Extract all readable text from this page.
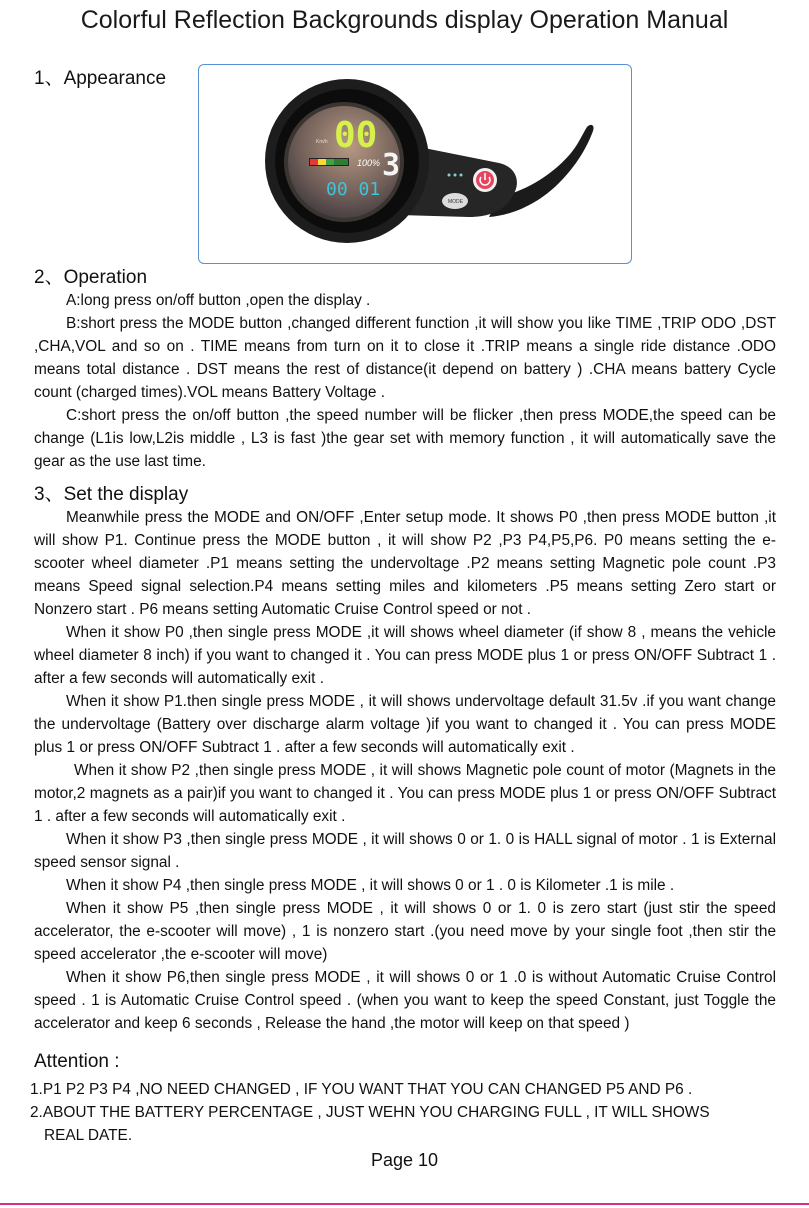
Colorful Reflection Backgrounds display Operation Manual
1、Appearance
00
3
Km/h
100%
00 01
MODE
2、Operation

A:long press on/off button ,open the display .

B:short press the MODE button ,changed different function ,it will show you like TIME ,TRIP ODO ,DST ,CHA,VOL and so on . TIME means from turn on it to close it .TRIP means a single ride distance .ODO means total distance . DST means the rest of distance(it depend on battery ) .CHA means battery Cycle count (charged times).VOL means Battery Voltage .

C:short press the on/off button ,the speed number will be flicker ,then press MODE,the speed can be change (L1is low,L2is middle , L3 is fast )the gear set with memory function , it will automatically save the gear as the use last time.

3、Set the display

Meanwhile press the MODE and ON/OFF ,Enter setup mode. It shows P0 ,then press MODE button ,it will show P1. Continue press the MODE button , it will show P2 ,P3 P4,P5,P6. P0 means setting the e-scooter wheel diameter .P1 means setting the undervoltage .P2 means setting Magnetic pole count .P3 means Speed signal selection.P4 means setting miles and kilometers .P5 means setting Zero start or Nonzero start . P6 means setting Automatic Cruise Control speed or not .

When it show P0 ,then single press MODE ,it will shows wheel diameter (if show 8 , means the vehicle wheel diameter 8 inch) if you want to changed it . You can press MODE plus 1 or press ON/OFF Subtract 1 . after a few seconds will automatically exit .

When it show P1.then single press MODE , it will shows undervoltage default 31.5v .if you want change the undervoltage (Battery over discharge alarm voltage )if you want to changed it . You can press MODE plus 1 or press ON/OFF Subtract 1 . after a few seconds will automatically exit .

When it show P2 ,then single press MODE , it will shows Magnetic pole count of motor (Magnets in the motor,2 magnets as a pair)if you want to changed it . You can press MODE plus 1 or press ON/OFF Subtract 1 . after a few seconds will automatically exit .

When it show P3 ,then single press MODE , it will shows 0 or 1. 0 is HALL signal of motor . 1 is External speed sensor signal .

When it show P4 ,then single press MODE , it will shows 0 or 1 . 0 is Kilometer .1 is mile .

When it show P5 ,then single press MODE , it will shows 0 or 1. 0 is zero start (just stir the speed accelerator, the e-scooter will move) , 1 is nonzero start .(you need move by your single foot ,then stir the speed accelerator ,the e-scooter will move)

When it show P6,then single press MODE , it will shows 0 or 1 .0 is without Automatic Cruise Control speed . 1 is Automatic Cruise Control speed . (when you want to keep the speed Constant, just Toggle the accelerator and keep 6 seconds , Release the hand ,the motor will keep on that speed )

Attention :
1.P1 P2 P3 P4 ,NO NEED CHANGED , IF YOU WANT THAT YOU CAN CHANGED P5 AND P6 .
2.ABOUT THE BATTERY PERCENTAGE , JUST WEHN YOU CHARGING FULL , IT WILL SHOWS
REAL DATE.
Page 10
